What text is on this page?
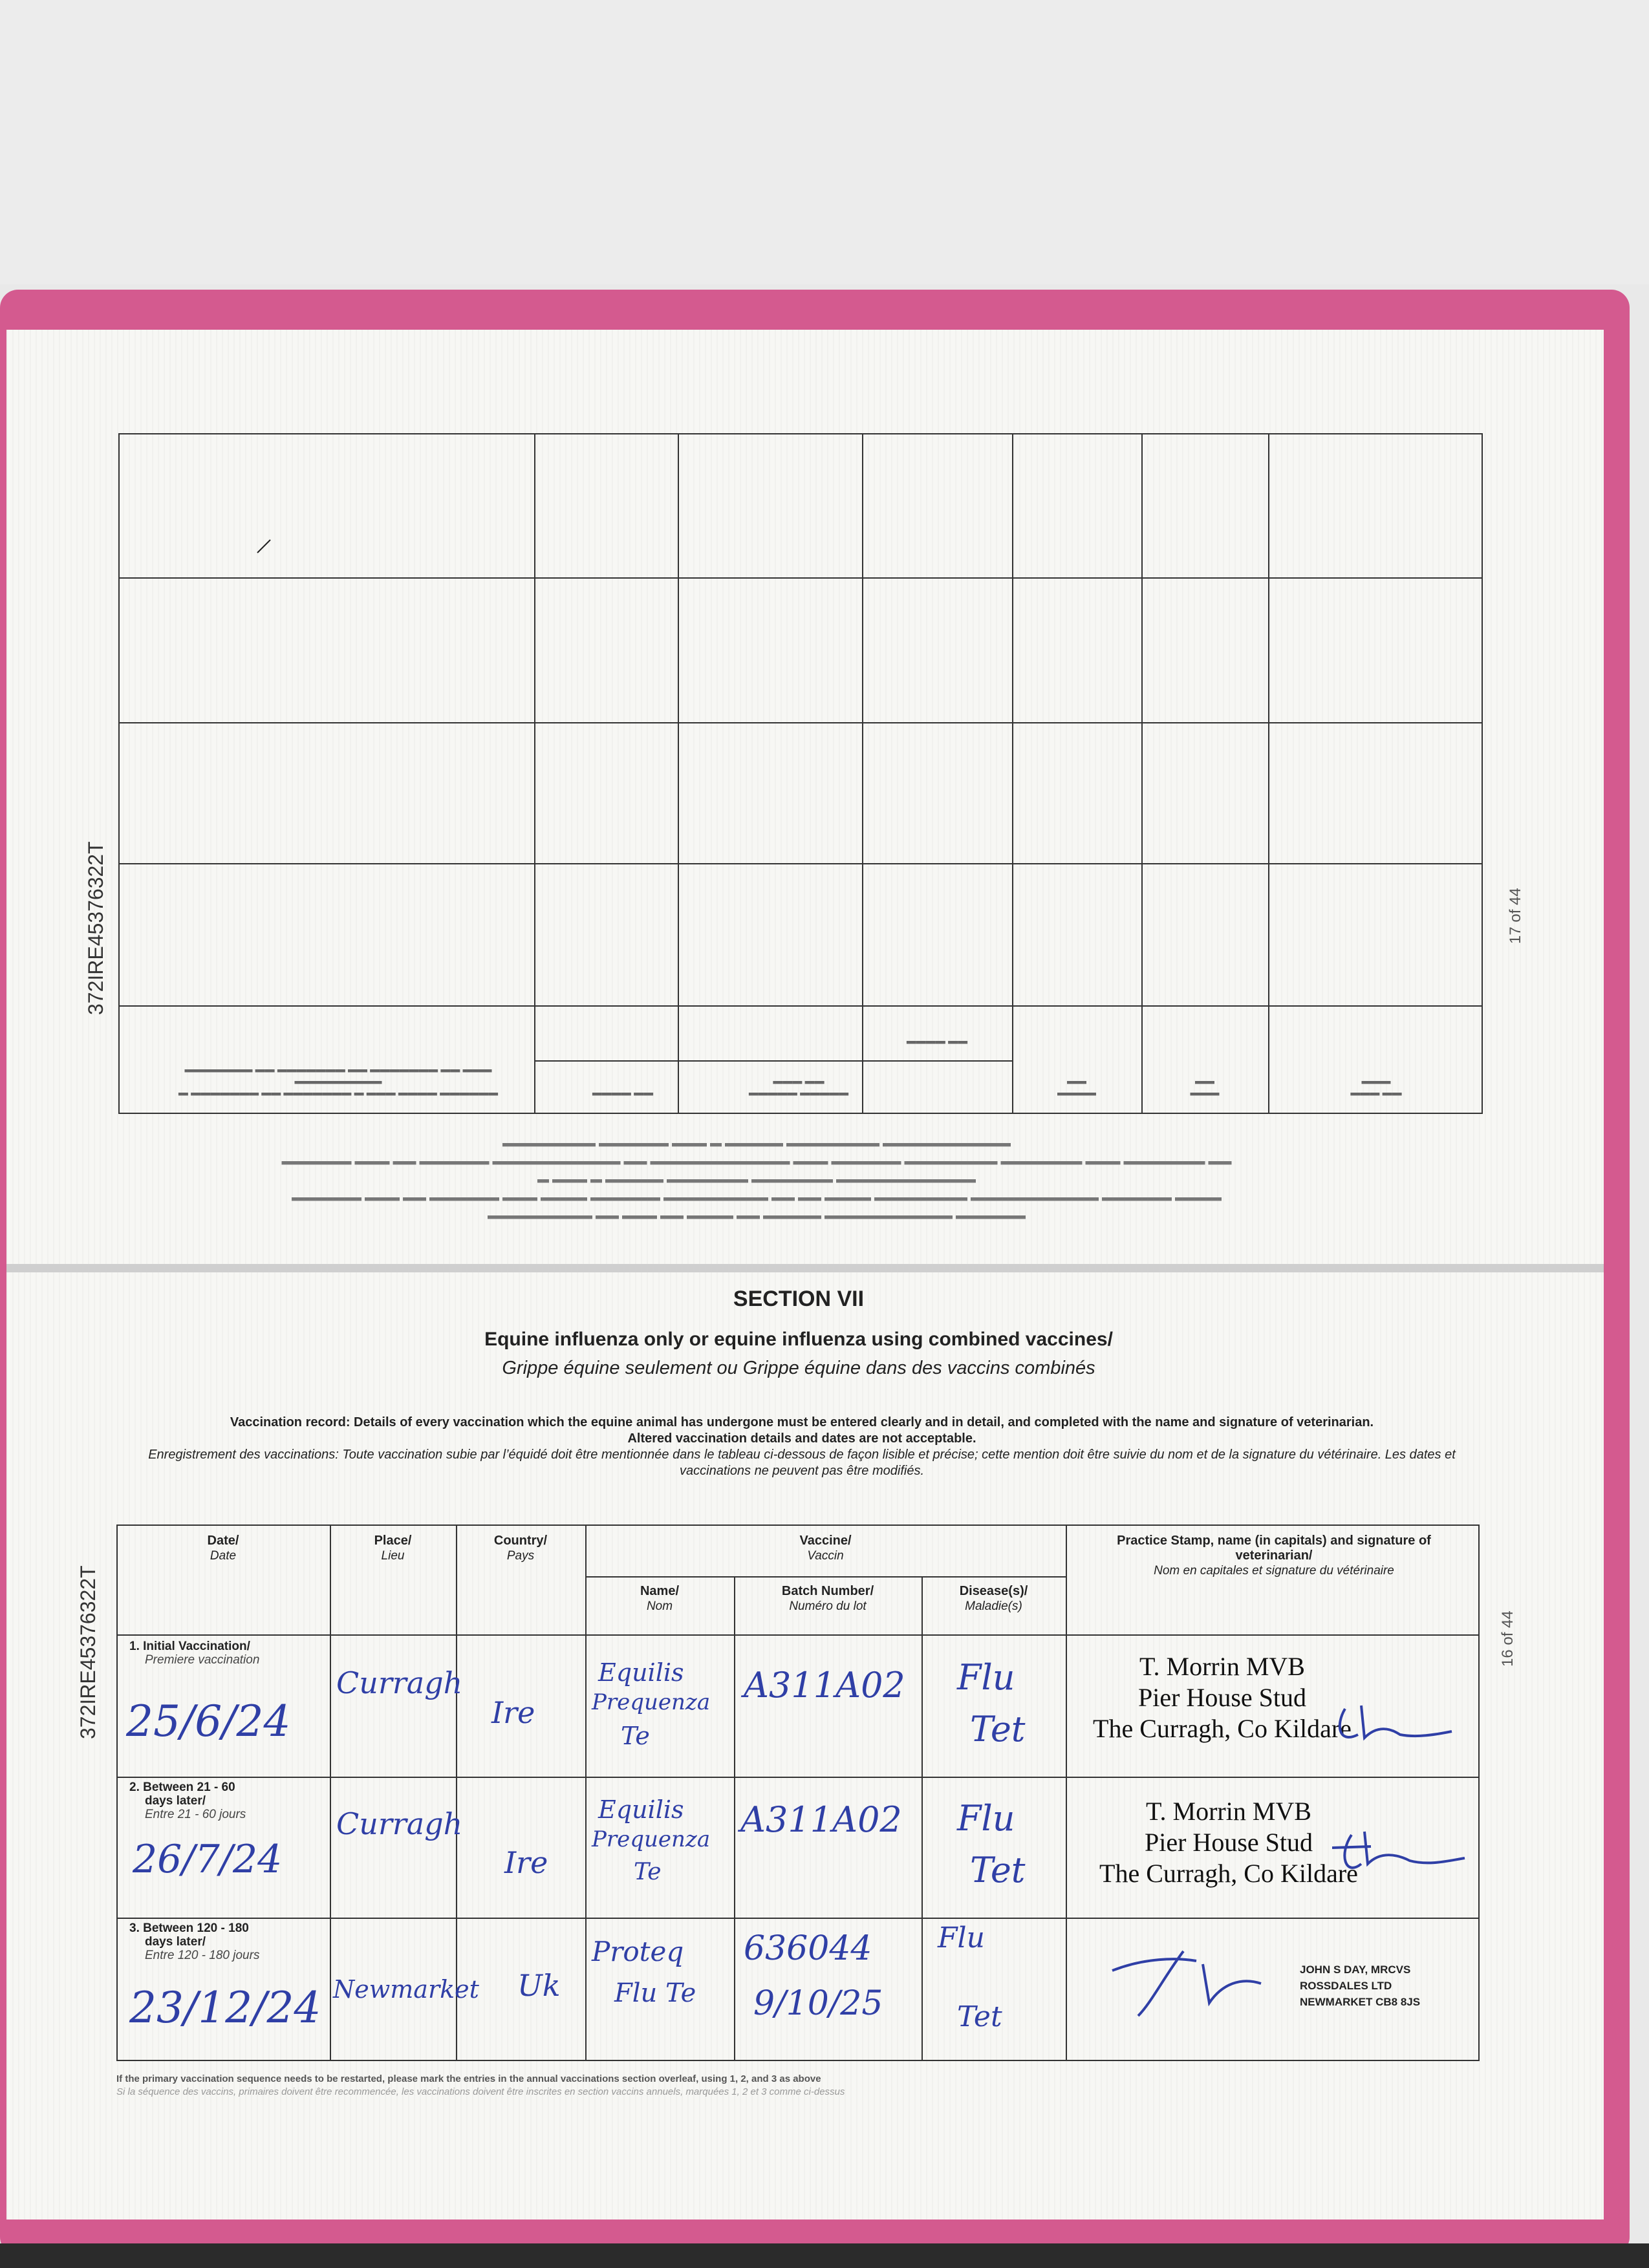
▬▬ ▬▬▬
▬▬▬
▬▬▬
▬▬
▬▬▬▬
▬▬
▬▬ ▬▬▬▬
▬▬▬▬▬ ▬▬▬▬▬
▬▬ ▬▬▬
▬▬ ▬▬▬▬
▬▬▬▬▬▬ ▬▬▬▬ ▬▬▬ ▬ ▬▬▬▬▬▬▬ ▬▬ ▬▬▬▬▬▬▬ ▬
▬▬▬▬▬▬▬▬▬
▬▬▬ ▬▬ ▬▬▬▬▬▬▬ ▬▬ ▬▬▬▬▬▬▬ ▬▬ ▬▬▬▬▬▬▬
▬▬▬▬▬▬ ▬▬▬▬▬▬▬▬▬▬▬ ▬▬▬▬▬ ▬▬ ▬▬▬▬ ▬▬ ▬▬▬ ▬▬ ▬▬▬▬▬▬▬▬▬
▬▬▬▬ ▬▬▬▬▬▬ ▬▬▬▬▬▬▬▬▬▬▬ ▬▬▬▬▬▬▬▬ ▬▬▬▬ ▬▬ ▬▬ ▬▬▬▬▬▬▬▬▬ ▬▬▬▬▬▬ ▬▬▬▬ ▬▬▬ ▬▬▬▬▬▬ ▬▬ ▬▬▬ ▬▬▬▬▬▬ ▬▬▬▬▬▬▬▬▬▬▬▬ ▬▬▬▬▬▬▬ ▬▬▬▬▬▬▬ ▬▬▬▬▬ ▬ ▬▬▬ ▬
▬▬ ▬▬▬▬▬▬▬ ▬▬▬ ▬▬▬▬▬▬▬ ▬▬▬▬▬▬▬▬ ▬▬▬▬▬▬ ▬▬▬ ▬▬▬▬▬▬▬▬▬▬▬▬ ▬▬ ▬▬▬▬▬▬▬▬▬▬▬ ▬▬▬▬▬▬ ▬▬ ▬▬▬ ▬▬▬▬▬▬ ▬▬▬▬▬▬▬▬▬▬▬ ▬▬▬▬▬▬▬▬ ▬▬▬▬▬ ▬ ▬▬▬ ▬▬▬▬▬▬ ▬▬▬▬▬▬▬▬
372IRE45376322T	17 of 44
SECTION VII
Equine influenza only or equine influenza using combined vaccines/
Grippe équine seulement ou Grippe équine dans des vaccins combinés
Vaccination record: Details of every vaccination which the equine animal has undergone must be entered clearly and in detail, and completed with the name and signature of veterinarian.
Altered vaccination details and dates are not acceptable.
Enregistrement des vaccinations: Toute vaccination subie par l’équidé doit être mentionnée dans le tableau ci-dessous de façon lisible et précise; cette mention doit être suivie du nom et de la signature du vétérinaire. Les dates et vaccinations ne peuvent pas être modifiés.
372IRE45376322T	16 of 44
Date/
Date
Place/
Lieu
Country/
Pays
Vaccine/
Vaccin
Name/
Nom
Batch Number/
Numéro du lot
Disease(s)/
Maladie(s)
Practice Stamp, name (in capitals) and signature of veterinarian/
Nom en capitales et signature du vétérinaire
1. Initial Vaccination/
Premiere vaccination
25/6/24
Curragh
Ire
Equilis
Prequenza
Te
A311A02 Flu
Tet
T. Morrin MVB
Pier House Stud
The Curragh, Co Kildare
2. Between 21 - 60
days later/
Entre 21 - 60 jours
26/7/24
Curragh
Ire
Equilis
Prequenza
Te
A311A02 Flu
Tet
T. Morrin MVB
Pier House Stud
The Curragh, Co Kildare
3. Between 120 - 180
days later/
Entre 120 - 180 jours
23/12/24 Newmarket Uk
Proteq
Flu Te
636044
9/10/25
Flu
Tet
JOHN S DAY, MRCVS
ROSSDALES LTD
NEWMARKET CB8 8JS
If the primary vaccination sequence needs to be restarted, please mark the entries in the annual vaccinations section overleaf, using 1, 2, and 3 as above
Si la séquence des vaccins, primaires doivent être recommencée, les vaccinations doivent être inscrites en section vaccins annuels, marquées 1, 2 et 3 comme ci-dessus
